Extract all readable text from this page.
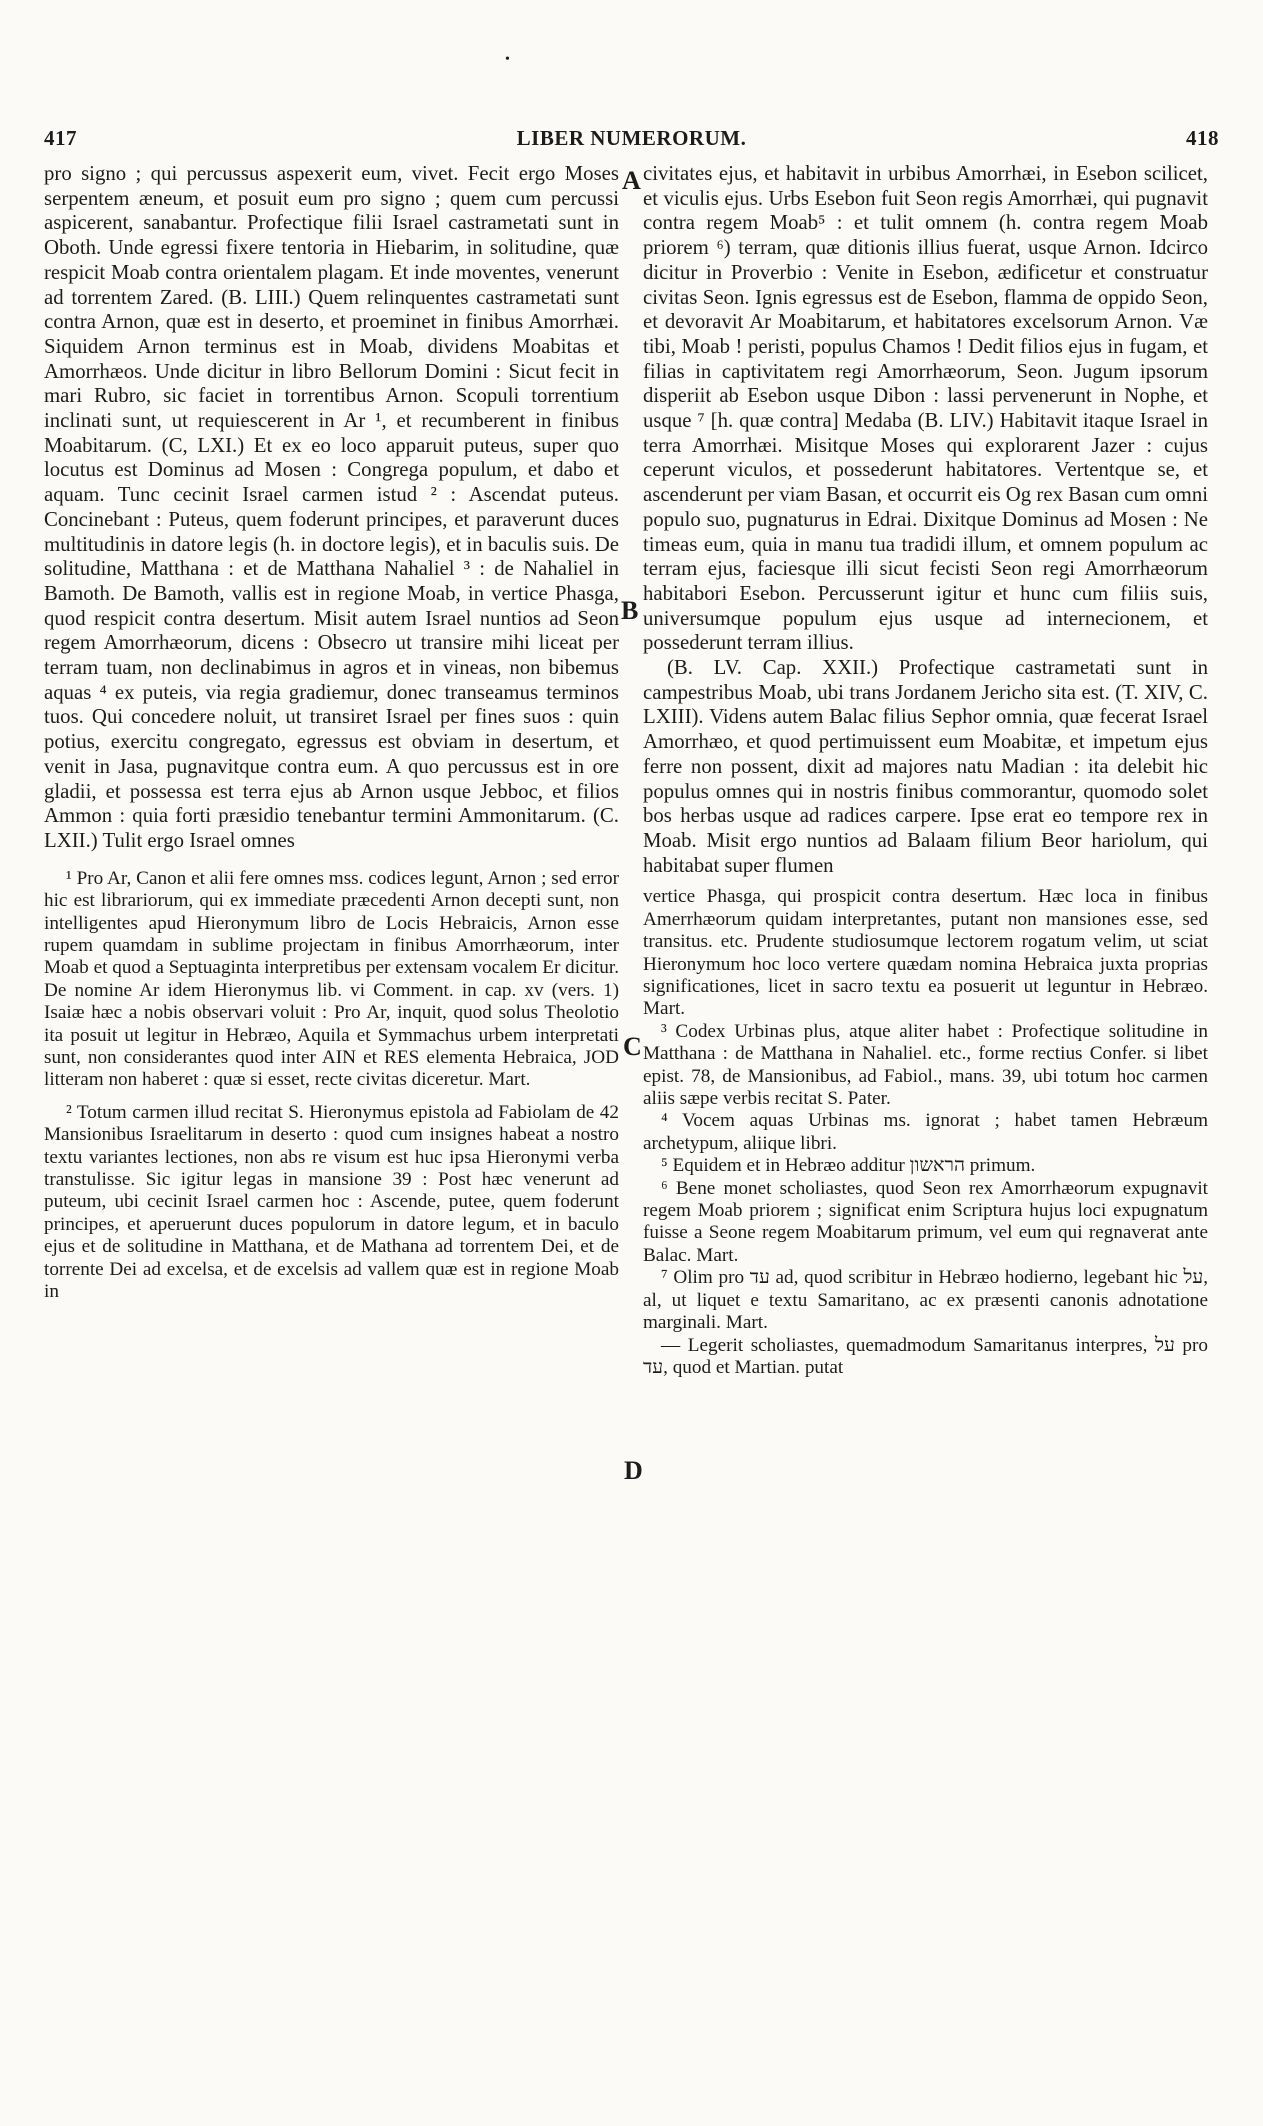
•
417	LIBER NUMERORUM.	418
A
B
C
D

pro signo ; qui percussus aspexerit eum, vivet. Fecit ergo Moses serpentem æneum, et posuit eum pro signo ; quem cum percussi aspicerent, sanabantur. Profectique filii Israel castrametati sunt in Oboth. Unde egressi fixere tentoria in Hiebarim, in solitudine, quæ respicit Moab contra orientalem plagam. Et inde moventes, venerunt ad torrentem Zared. (B. LIII.) Quem relinquentes castrametati sunt contra Arnon, quæ est in deserto, et proeminet in finibus Amorrhæi. Siquidem Arnon terminus est in Moab, dividens Moabitas et Amorrhæos. Unde dicitur in libro Bellorum Domini : Sicut fecit in mari Rubro, sic faciet in torrentibus Arnon. Scopuli torrentium inclinati sunt, ut requiescerent in Ar ¹, et recumberent in finibus Moabitarum. (C, LXI.) Et ex eo loco apparuit puteus, super quo locutus est Dominus ad Mosen : Congrega populum, et dabo et aquam. Tunc cecinit Israel carmen istud ² : Ascendat puteus. Concinebant : Puteus, quem foderunt principes, et paraverunt duces multitudinis in datore legis (h. in doctore legis), et in baculis suis. De solitudine, Matthana : et de Matthana Nahaliel ³ : de Nahaliel in Bamoth. De Bamoth, vallis est in regione Moab, in vertice Phasga, quod respicit contra desertum. Misit autem Israel nuntios ad Seon regem Amorrhæorum, dicens : Obsecro ut transire mihi liceat per terram tuam, non declinabimus in agros et in vineas, non bibemus aquas ⁴ ex puteis, via regia gradiemur, donec transeamus terminos tuos. Qui concedere noluit, ut transiret Israel per fines suos : quin potius, exercitu congregato, egressus est obviam in desertum, et venit in Jasa, pugnavitque contra eum. A quo percussus est in ore gladii, et possessa est terra ejus ab Arnon usque Jebboc, et filios Ammon : quia forti præsidio tenebantur termini Ammonitarum. (C. LXII.) Tulit ergo Israel omnes

¹ Pro Ar, Canon et alii fere omnes mss. codices legunt, Arnon ; sed error hic est librariorum, qui ex immediate præcedenti Arnon decepti sunt, non intelligentes apud Hieronymum libro de Locis Hebraicis, Arnon esse rupem quamdam in sublime projectam in finibus Amorrhæorum, inter Moab et quod a Septuaginta interpretibus per extensam vocalem Er dicitur. De nomine Ar idem Hieronymus lib. vi Comment. in cap. xv (vers. 1) Isaiæ hæc a nobis observari voluit : Pro Ar, inquit, quod solus Theolotio ita posuit ut legitur in Hebræo, Aquila et Symmachus urbem interpretati sunt, non considerantes quod inter AIN et RES elementa Hebraica, JOD litteram non haberet : quæ si esset, recte civitas diceretur. Mart.

² Totum carmen illud recitat S. Hieronymus epistola ad Fabiolam de 42 Mansionibus Israelitarum in deserto : quod cum insignes habeat a nostro textu variantes lectiones, non abs re visum est huc ipsa Hieronymi verba transtulisse. Sic igitur legas in mansione 39 : Post hæc venerunt ad puteum, ubi cecinit Israel carmen hoc : Ascende, putee, quem foderunt principes, et aperuerunt duces populorum in datore legum, et in baculo ejus et de solitudine in Matthana, et de Mathana ad torrentem Dei, et de torrente Dei ad excelsa, et de excelsis ad vallem quæ est in regione Moab in

civitates ejus, et habitavit in urbibus Amorrhæi, in Esebon scilicet, et viculis ejus. Urbs Esebon fuit Seon regis Amorrhæi, qui pugnavit contra regem Moab⁵ : et tulit omnem (h. contra regem Moab priorem ⁶) terram, quæ ditionis illius fuerat, usque Arnon. Idcirco dicitur in Proverbio : Venite in Esebon, ædificetur et construatur civitas Seon. Ignis egressus est de Esebon, flamma de oppido Seon, et devoravit Ar Moabitarum, et habitatores excelsorum Arnon. Væ tibi, Moab ! peristi, populus Chamos ! Dedit filios ejus in fugam, et filias in captivitatem regi Amorrhæorum, Seon. Jugum ipsorum disperiit ab Esebon usque Dibon : lassi pervenerunt in Nophe, et usque ⁷ [h. quæ contra] Medaba (B. LIV.) Habitavit itaque Israel in terra Amorrhæi. Misitque Moses qui explorarent Jazer : cujus ceperunt viculos, et possederunt habitatores. Vertentque se, et ascenderunt per viam Basan, et occurrit eis Og rex Basan cum omni populo suo, pugnaturus in Edrai. Dixitque Dominus ad Mosen : Ne timeas eum, quia in manu tua tradidi illum, et omnem populum ac terram ejus, faciesque illi sicut fecisti Seon regi Amorrhæorum habitabori Esebon. Percusserunt igitur et hunc cum filiis suis, universumque populum ejus usque ad internecionem, et possederunt terram illius.

(B. LV. Cap. XXII.) Profectique castrametati sunt in campestribus Moab, ubi trans Jordanem Jericho sita est. (T. XIV, C. LXIII). Videns autem Balac filius Sephor omnia, quæ fecerat Israel Amorrhæo, et quod pertimuissent eum Moabitæ, et impetum ejus ferre non possent, dixit ad majores natu Madian : ita delebit hic populus omnes qui in nostris finibus commorantur, quomodo solet bos herbas usque ad radices carpere. Ipse erat eo tempore rex in Moab. Misit ergo nuntios ad Balaam filium Beor hariolum, qui habitabat super flumen

vertice Phasga, qui prospicit contra desertum. Hæc loca in finibus Amerrhæorum quidam interpretantes, putant non mansiones esse, sed transitus. etc. Prudente studiosumque lectorem rogatum velim, ut sciat Hieronymum hoc loco vertere quædam nomina Hebraica juxta proprias significationes, licet in sacro textu ea posuerit ut leguntur in Hebræo. Mart.

³ Codex Urbinas plus, atque aliter habet : Profectique solitudine in Matthana : de Matthana in Nahaliel. etc., forme rectius Confer. si libet epist. 78, de Mansionibus, ad Fabiol., mans. 39, ubi totum hoc carmen aliis sæpe verbis recitat S. Pater.

⁴ Vocem aquas Urbinas ms. ignorat ; habet tamen Hebræum archetypum, aliique libri.

⁵ Equidem et in Hebræo additur הראשון primum.

⁶ Bene monet scholiastes, quod Seon rex Amorrhæorum expugnavit regem Moab priorem ; significat enim Scriptura hujus loci expugnatum fuisse a Seone regem Moabitarum primum, vel eum qui regnaverat ante Balac. Mart.

⁷ Olim pro עד ad, quod scribitur in Hebræo hodierno, legebant hic על, al, ut liquet e textu Samaritano, ac ex præsenti canonis adnotatione marginali. Mart.

— Legerit scholiastes, quemadmodum Samaritanus interpres, על pro עד, quod et Martian. putat
